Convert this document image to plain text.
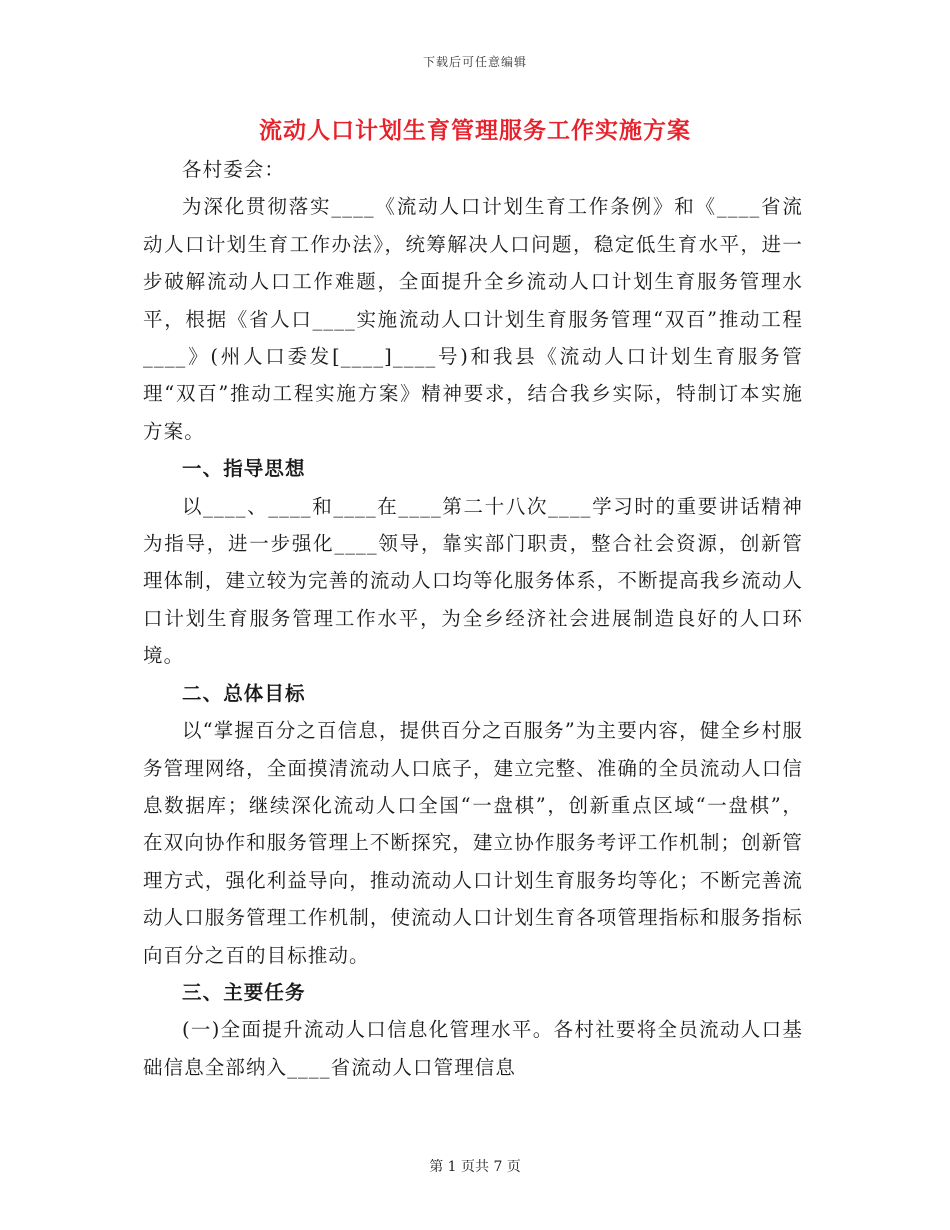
下载后可任意编辑
流动人口计划生育管理服务工作实施方案

各村委会：

为深化贯彻落实____《流动人口计划生育工作条例》和《____省流动人口计划生育工作办法》，统筹解决人口问题，稳定低生育水平，进一步破解流动人口工作难题，全面提升全乡流动人口计划生育服务管理水平，根据《省人口____实施流动人口计划生育服务管理“双百”推动工程____》(州人口委发[____]____号)和我县《流动人口计划生育服务管理“双百”推动工程实施方案》精神要求，结合我乡实际，特制订本实施方案。

一、指导思想

以____、____和____在____第二十八次____学习时的重要讲话精神为指导，进一步强化____领导，靠实部门职责，整合社会资源，创新管理体制，建立较为完善的流动人口均等化服务体系，不断提高我乡流动人口计划生育服务管理工作水平，为全乡经济社会进展制造良好的人口环境。

二、总体目标

以“掌握百分之百信息，提供百分之百服务”为主要内容，健全乡村服务管理网络，全面摸清流动人口底子，建立完整、准确的全员流动人口信息数据库；继续深化流动人口全国“一盘棋”，创新重点区域“一盘棋”，在双向协作和服务管理上不断探究，建立协作服务考评工作机制；创新管理方式，强化利益导向，推动流动人口计划生育服务均等化；不断完善流动人口服务管理工作机制，使流动人口计划生育各项管理指标和服务指标向百分之百的目标推动。

三、主要任务

(一)全面提升流动人口信息化管理水平。各村社要将全员流动人口基础信息全部纳入____省流动人口管理信息

第 1 页共 7 页
